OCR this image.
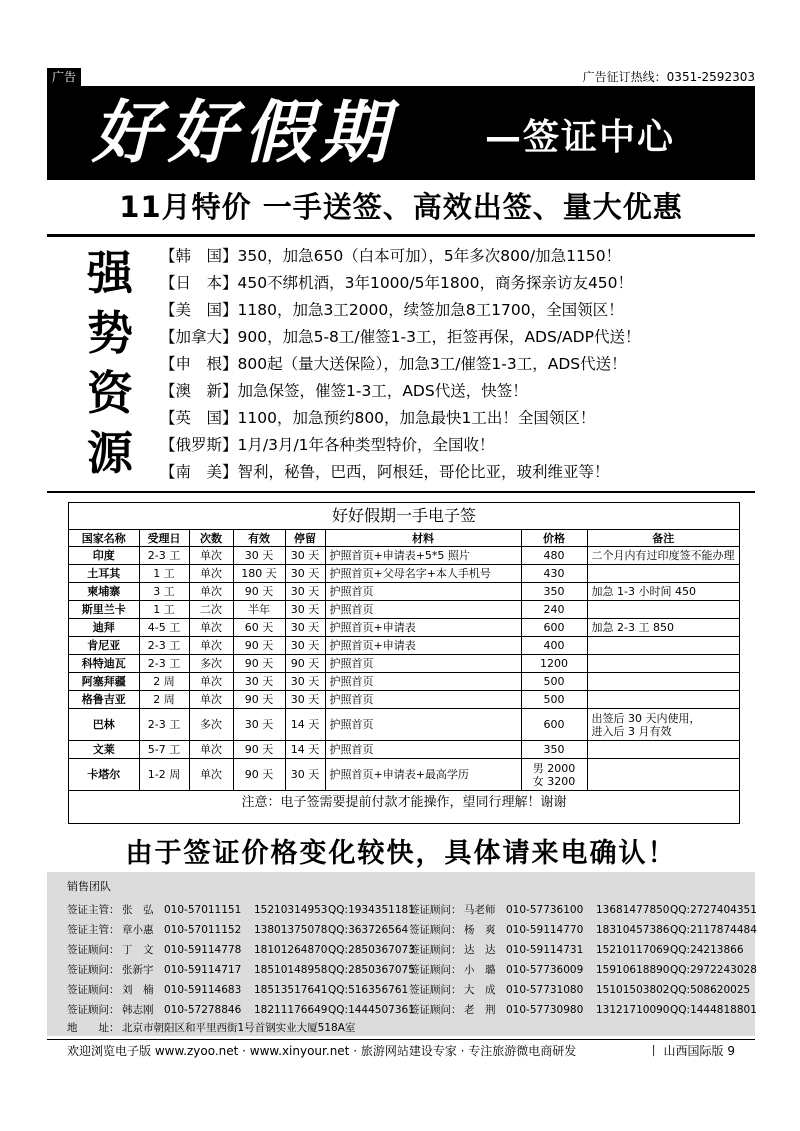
广告	广告征订热线：0351-2592303
好好假期 —签证中心
11月特价 一手送签、高效出签、量大优惠
强
势
资
源
【韩　国】350，加急650（白本可加），5年多次800/加急1150！
【日　本】450不绑机酒，3年1000/5年1800，商务探亲访友450！
【美　国】1180，加急3工2000，续签加急8工1700，全国领区！
【加拿大】900，加急5-8工/催签1-3工，拒签再保，ADS/ADP代送！
【申　根】800起（量大送保险），加急3工/催签1-3工，ADS代送！
【澳　新】加急保签，催签1-3工，ADS代送，快签！
【英　国】1100，加急预约800，加急最快1工出！全国领区！
【俄罗斯】1月/3月/1年各种类型特价，全国收！
【南　美】智利，秘鲁，巴西，阿根廷，哥伦比亚，玻利维亚等！
好好假期一手电子签
国家名称	受理日	次数	有效	停留	材料	价格	备注
印度	2-3 工	单次	30 天	30 天	护照首页+申请表+5*5 照片	480	二个月内有过印度签不能办理
土耳其	1 工	单次	180 天	30 天	护照首页+父母名字+本人手机号	430	
柬埔寨	3 工	单次	90 天	30 天	护照首页	350	加急 1-3 小时间 450
斯里兰卡	1 工	二次	半年	30 天	护照首页	240	
迪拜	4-5 工	单次	60 天	30 天	护照首页+申请表	600	加急 2-3 工 850
肯尼亚	2-3 工	单次	90 天	30 天	护照首页+申请表	400	
科特迪瓦	2-3 工	多次	90 天	90 天	护照首页	1200	
阿塞拜疆	2 周	单次	30 天	30 天	护照首页	500	
格鲁吉亚	2 周	单次	90 天	30 天	护照首页	500	
巴林	2-3 工	多次	30 天	14 天	护照首页	600	出签后 30 天内使用，
进入后 3 月有效
文莱	5-7 工	单次	90 天	14 天	护照首页	350	
卡塔尔	1-2 周	单次	90 天	30 天	护照首页+申请表+最高学历	男 2000
女 3200	
注意：电子签需要提前付款才能操作，望同行理解！谢谢
由于签证价格变化较快，具体请来电确认！
销售团队
签证主管： 张　弘 010-57011151 15210314953QQ:1934351181
签证主管： 章小惠 010-57011152 13801375078QQ:363726564
签证顾问： 丁　文 010-59114778 18101264870QQ:2850367073
签证顾问： 张新宇 010-59114717 18510148958QQ:2850367075
签证顾问： 刘　楠 010-59114683 18513517641QQ:516356761
签证顾问： 韩志刚 010-57278846 18211176649QQ:1444507361
签证顾问： 马老师 010-57736100 13681477850QQ:2727404351
签证顾问： 杨　爽 010-59114770 18310457386QQ:2117874484
签证顾问： 达　达 010-59114731 15210117069QQ:24213866
签证顾问： 小　璐 010-57736009 15910618890QQ:2972243028
签证顾问： 大　成 010-57731080 15101503802QQ:508620025
签证顾问： 老　荆 010-57730980 13121710090QQ:1444818801
地　　址： 北京市朝阳区和平里西街1号首钢实业大厦518A室
欢迎浏览电子版 www.zyoo.net · www.xinyour.net · 旅游网站建设专家 · 专注旅游微电商研发	丨 山西国际版 9
